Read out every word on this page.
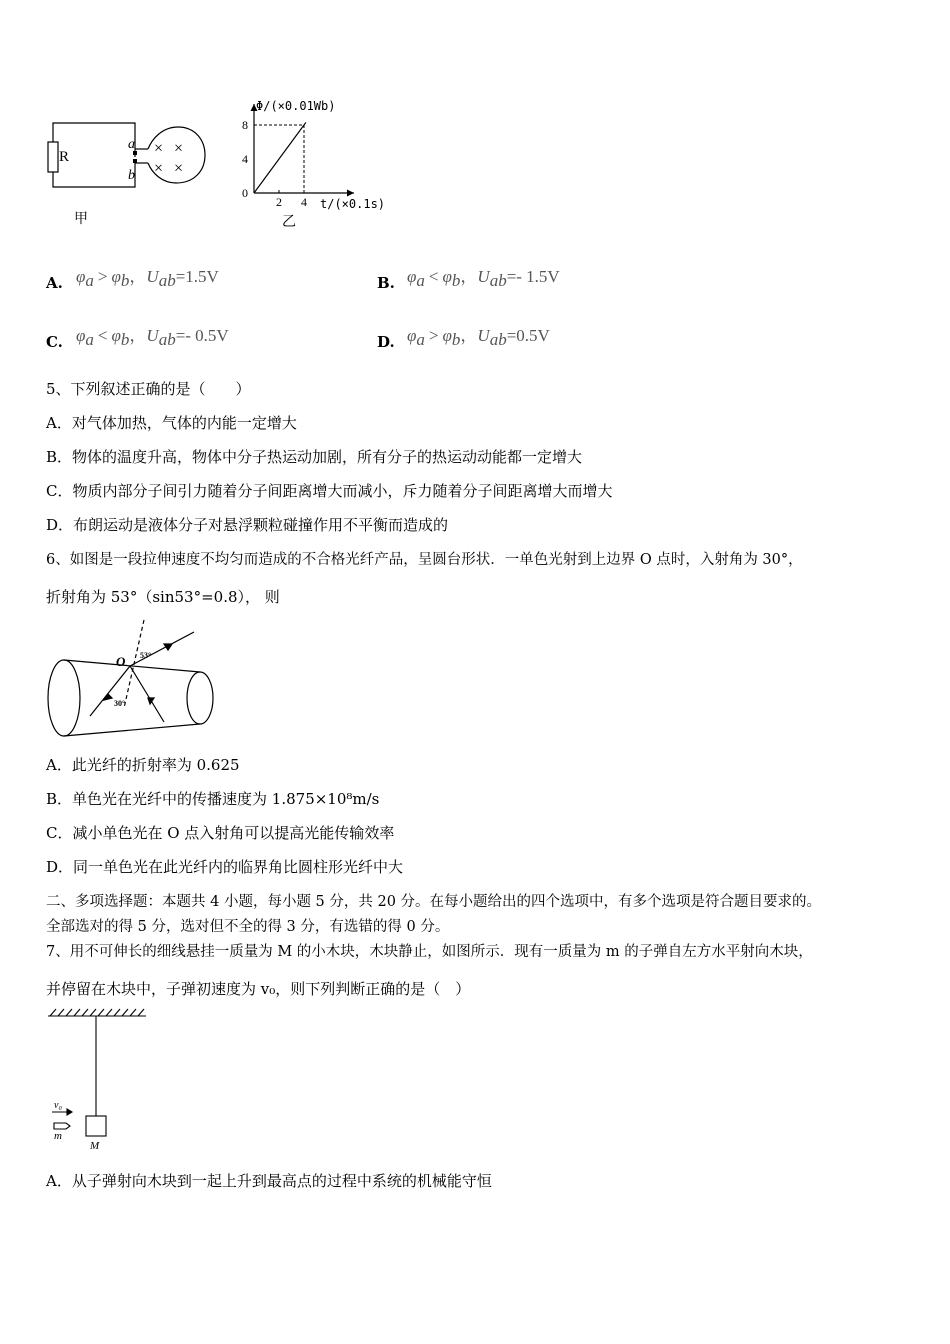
R
a
b
× ×
× ×
甲
Φ/(×0.01Wb)
t/(×0.1s)
乙
8
4
0
2 4
A. $\varphi_a > \varphi_b$，$U_{ab}=1.5V$	B. $\varphi_a < \varphi_b$，$U_{ab}=-$ 1.5V
C. $\varphi_a < \varphi_b$，$U_{ab}=-$ 0.5V	D. $\varphi_a > \varphi_b$，$U_{ab}=0.5V$
5、下列叙述正确的是（　　）
A．对气体加热，气体的内能一定增大
B．物体的温度升高，物体中分子热运动加剧，所有分子的热运动动能都一定增大
C．物质内部分子间引力随着分子间距离增大而减小，斥力随着分子间距离增大而增大
D．布朗运动是液体分子对悬浮颗粒碰撞作用不平衡而造成的
6、如图是一段拉伸速度不均匀而造成的不合格光纤产品，呈圆台形状．一单色光射到上边界 O 点时，入射角为 30°，
折射角为 53°（sin53°=0.8）， 则
O 53°
30°
A．此光纤的折射率为 0.625
B．单色光在光纤中的传播速度为 1.875×10⁸m/s
C．减小单色光在 O 点入射角可以提高光能传输效率
D．同一单色光在此光纤内的临界角比圆柱形光纤中大
二、多项选择题：本题共 4 小题，每小题 5 分，共 20 分。在每小题给出的四个选项中，有多个选项是符合题目要求的。
全部选对的得 5 分，选对但不全的得 3 分，有选错的得 0 分。
7、用不可伸长的细线悬挂一质量为 M 的小木块，木块静止，如图所示．现有一质量为 m 的子弹自左方水平射向木块，
并停留在木块中，子弹初速度为 v₀，则下列判断正确的是（　）
v₀
m
M
A．从子弹射向木块到一起上升到最高点的过程中系统的机械能守恒
